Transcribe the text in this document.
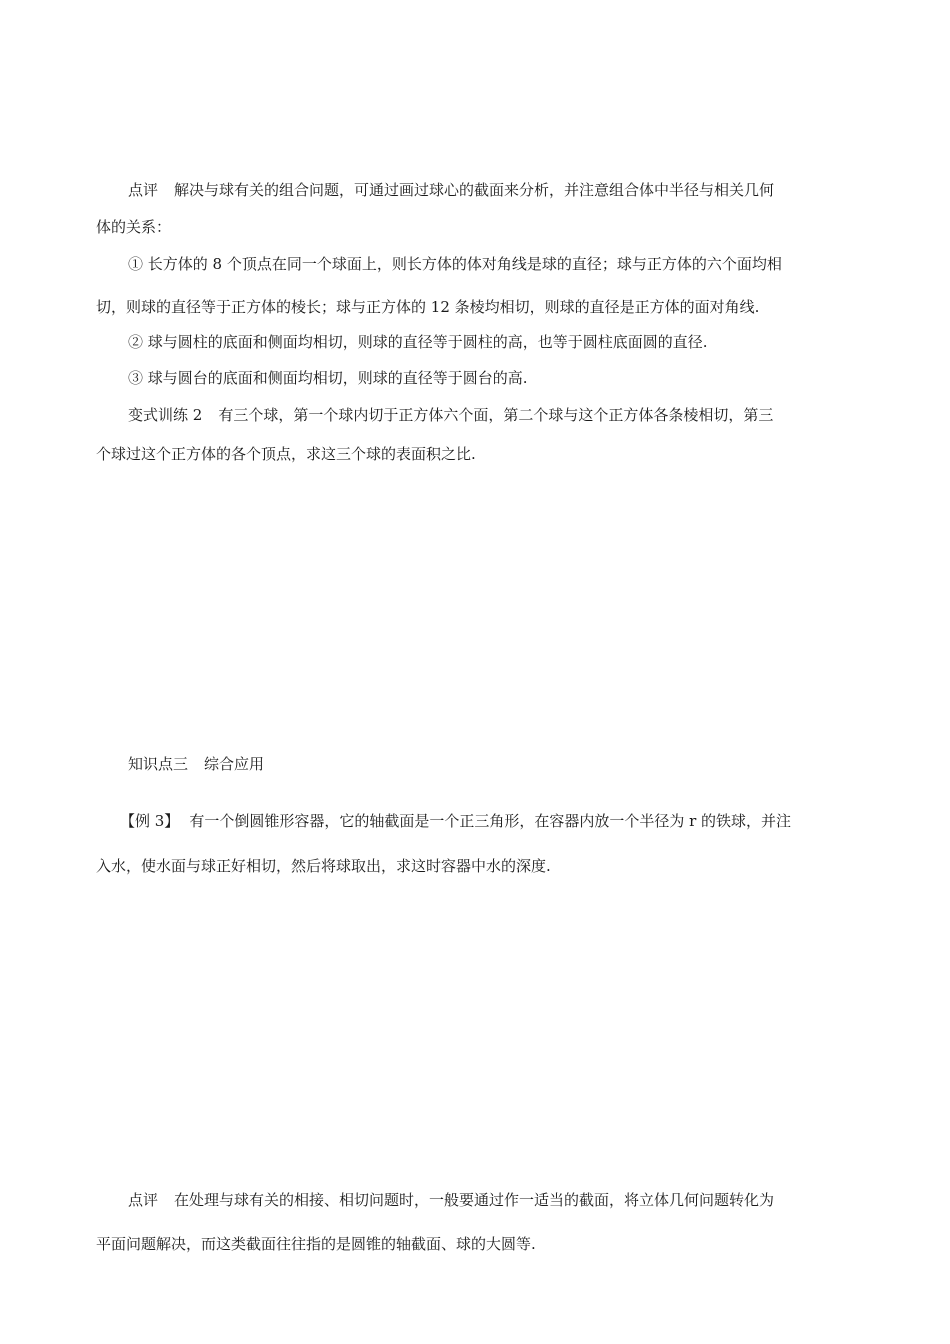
点评 解决与球有关的组合问题，可通过画过球心的截面来分析，并注意组合体中半径与相关几何
体的关系：
① 长方体的 8 个顶点在同一个球面上，则长方体的体对角线是球的直径；球与正方体的六个面均相
切，则球的直径等于正方体的棱长；球与正方体的 12 条棱均相切，则球的直径是正方体的面对角线.
② 球与圆柱的底面和侧面均相切，则球的直径等于圆柱的高，也等于圆柱底面圆的直径.
③ 球与圆台的底面和侧面均相切，则球的直径等于圆台的高.
变式训练 2 有三个球，第一个球内切于正方体六个面，第二个球与这个正方体各条棱相切，第三
个球过这个正方体的各个顶点，求这三个球的表面积之比.
知识点三 综合应用
【例 3】 有一个倒圆锥形容器，它的轴截面是一个正三角形，在容器内放一个半径为 r 的铁球，并注
入水，使水面与球正好相切，然后将球取出，求这时容器中水的深度.
点评 在处理与球有关的相接、相切问题时，一般要通过作一适当的截面，将立体几何问题转化为
平面问题解决，而这类截面往往指的是圆锥的轴截面、球的大圆等.
